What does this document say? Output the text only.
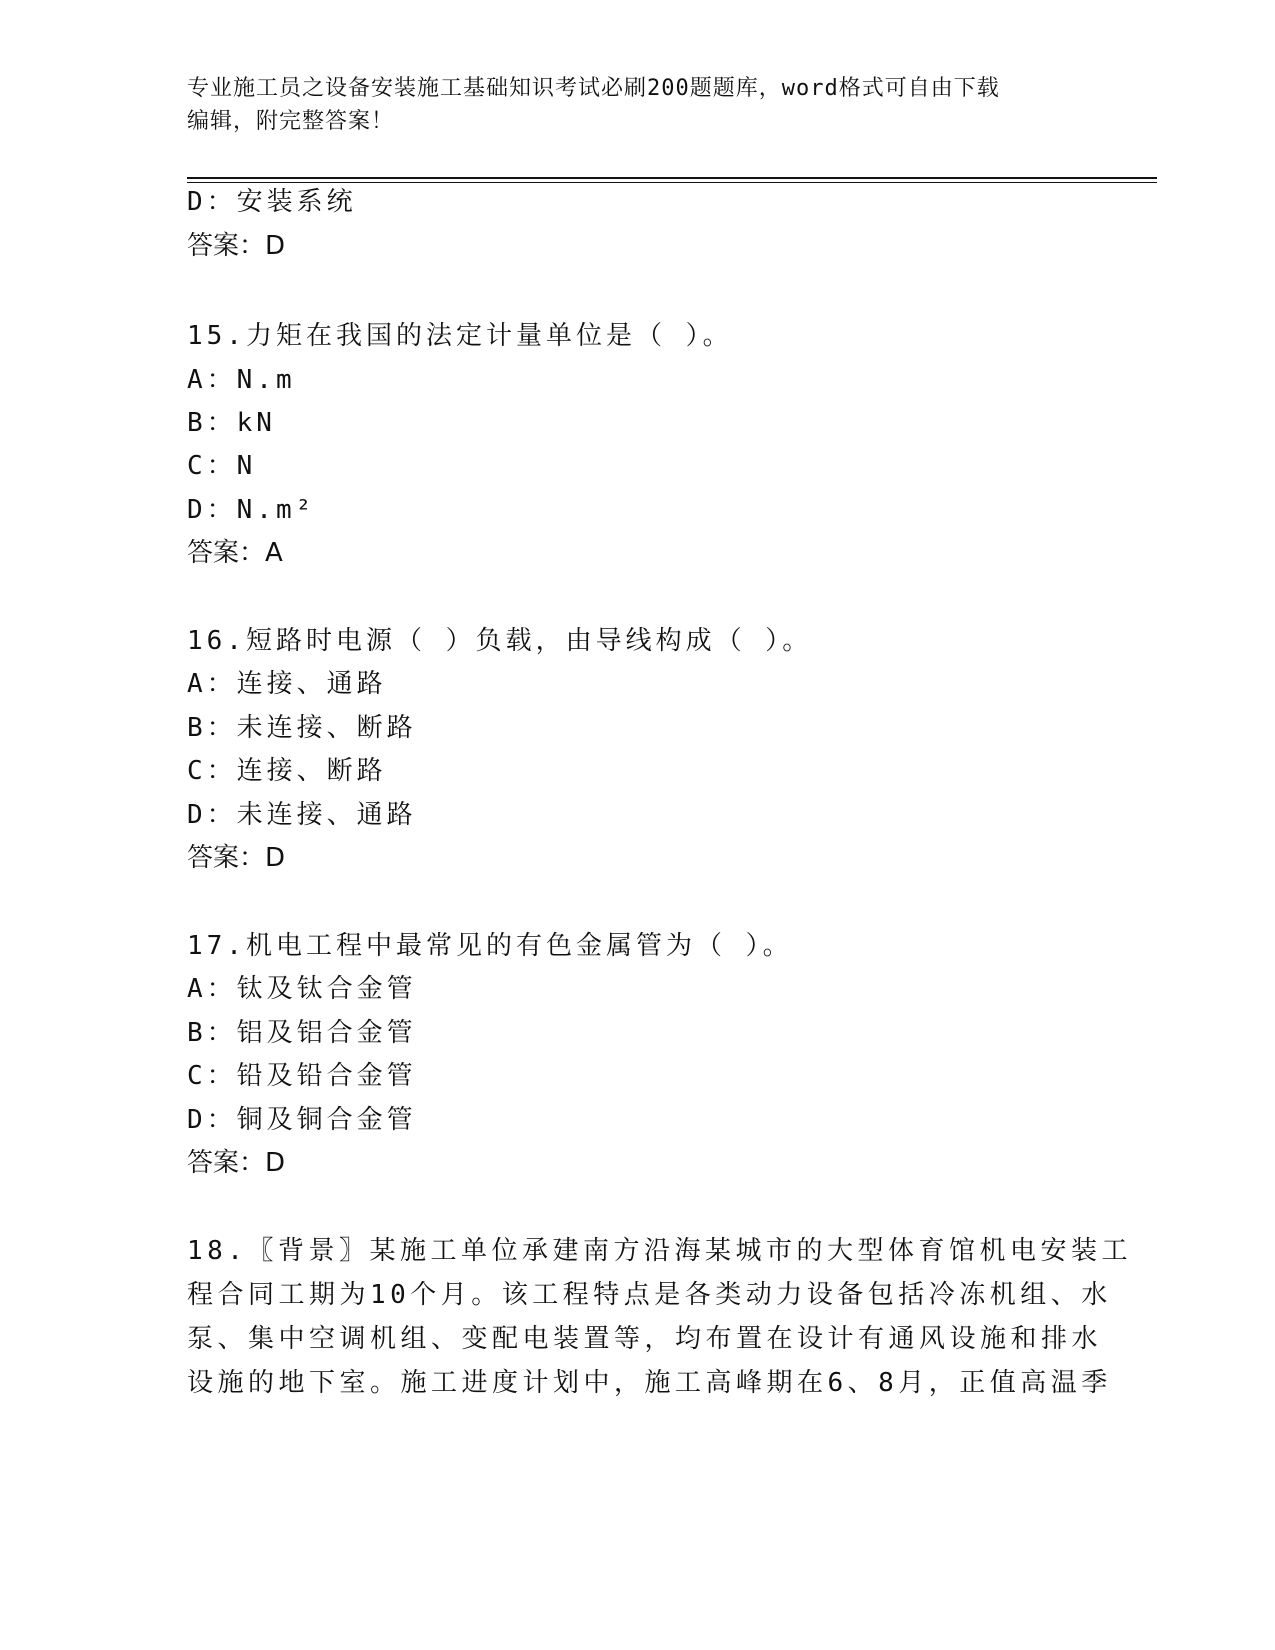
专业施工员之设备安装施工基础知识考试必刷200题题库，word格式可自由下载
编辑，附完整答案！
D：安装系统
答案：D
15.力矩在我国的法定计量单位是（ ）。
A：N.m
B：kN
C：N
D：N.m²
答案：A
16.短路时电源（ ）负载，由导线构成（ ）。
A：连接、通路
B：未连接、断路
C：连接、断路
D：未连接、通路
答案：D
17.机电工程中最常见的有色金属管为（ ）。
A：钛及钛合金管
B：铝及铝合金管
C：铅及铅合金管
D：铜及铜合金管
答案：D
18.〖背景〗某施工单位承建南方沿海某城市的大型体育馆机电安装工
程合同工期为10个月。该工程特点是各类动力设备包括冷冻机组、水
泵、集中空调机组、变配电装置等，均布置在设计有通风设施和排水
设施的地下室。施工进度计划中，施工高峰期在6、8月，正值高温季
